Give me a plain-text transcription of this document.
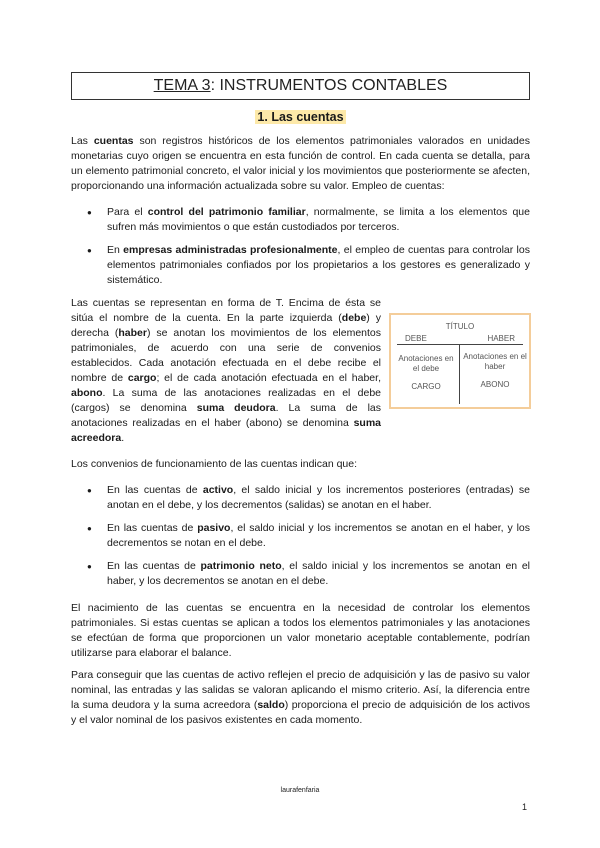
TEMA 3: INSTRUMENTOS CONTABLES
1. Las cuentas

Las cuentas son registros históricos de los elementos patrimoniales valorados en unidades monetarias cuyo origen se encuentra en esta función de control. En cada cuenta se detalla, para un elemento patrimonial concreto, el valor inicial y los movimientos que posteriormente se afecten, proporcionando una información actualizada sobre su valor. Empleo de cuentas:

● Para el control del patrimonio familiar, normalmente, se limita a los elementos que sufren más movimientos o que están custodiados por terceros.
● En empresas administradas profesionalmente, el empleo de cuentas para controlar los elementos patrimoniales confiados por los propietarios a los gestores es generalizado y sistemático.

Las cuentas se representan en forma de T. Encima de ésta se sitúa el nombre de la cuenta. En la parte izquierda (debe) y derecha (haber) se anotan los movimientos de los elementos patrimoniales, de acuerdo con una serie de convenios establecidos. Cada anotación efectuada en el debe recibe el nombre de cargo; el de cada anotación efectuada en el haber, abono. La suma de las anotaciones realizadas en el debe (cargos) se denomina suma deudora. La suma de las anotaciones realizadas en el haber (abono) se denomina suma acreedora.

TÍTULO
DEBE	HABER
Anotaciones en el debe
Anotaciones en el haber
CARGO	ABONO

Los convenios de funcionamiento de las cuentas indican que:

● En las cuentas de activo, el saldo inicial y los incrementos posteriores (entradas) se anotan en el debe, y los decrementos (salidas) se anotan en el haber.
● En las cuentas de pasivo, el saldo inicial y los incrementos se anotan en el haber, y los decrementos se notan en el debe.
● En las cuentas de patrimonio neto, el saldo inicial y los incrementos se anotan en el haber, y los decrementos se anotan en el debe.

El nacimiento de las cuentas se encuentra en la necesidad de controlar los elementos patrimoniales. Si estas cuentas se aplican a todos los elementos patrimoniales y las anotaciones se efectúan de forma que proporcionen un valor monetario aceptable contablemente, podrían utilizarse para elaborar el balance.

Para conseguir que las cuentas de activo reflejen el precio de adquisición y las de pasivo su valor nominal, las entradas y las salidas se valoran aplicando el mismo criterio. Así, la diferencia entre la suma deudora y la suma acreedora (saldo) proporciona el precio de adquisición de los activos y el valor nominal de los pasivos existentes en cada momento.

laurafenfaria
1
